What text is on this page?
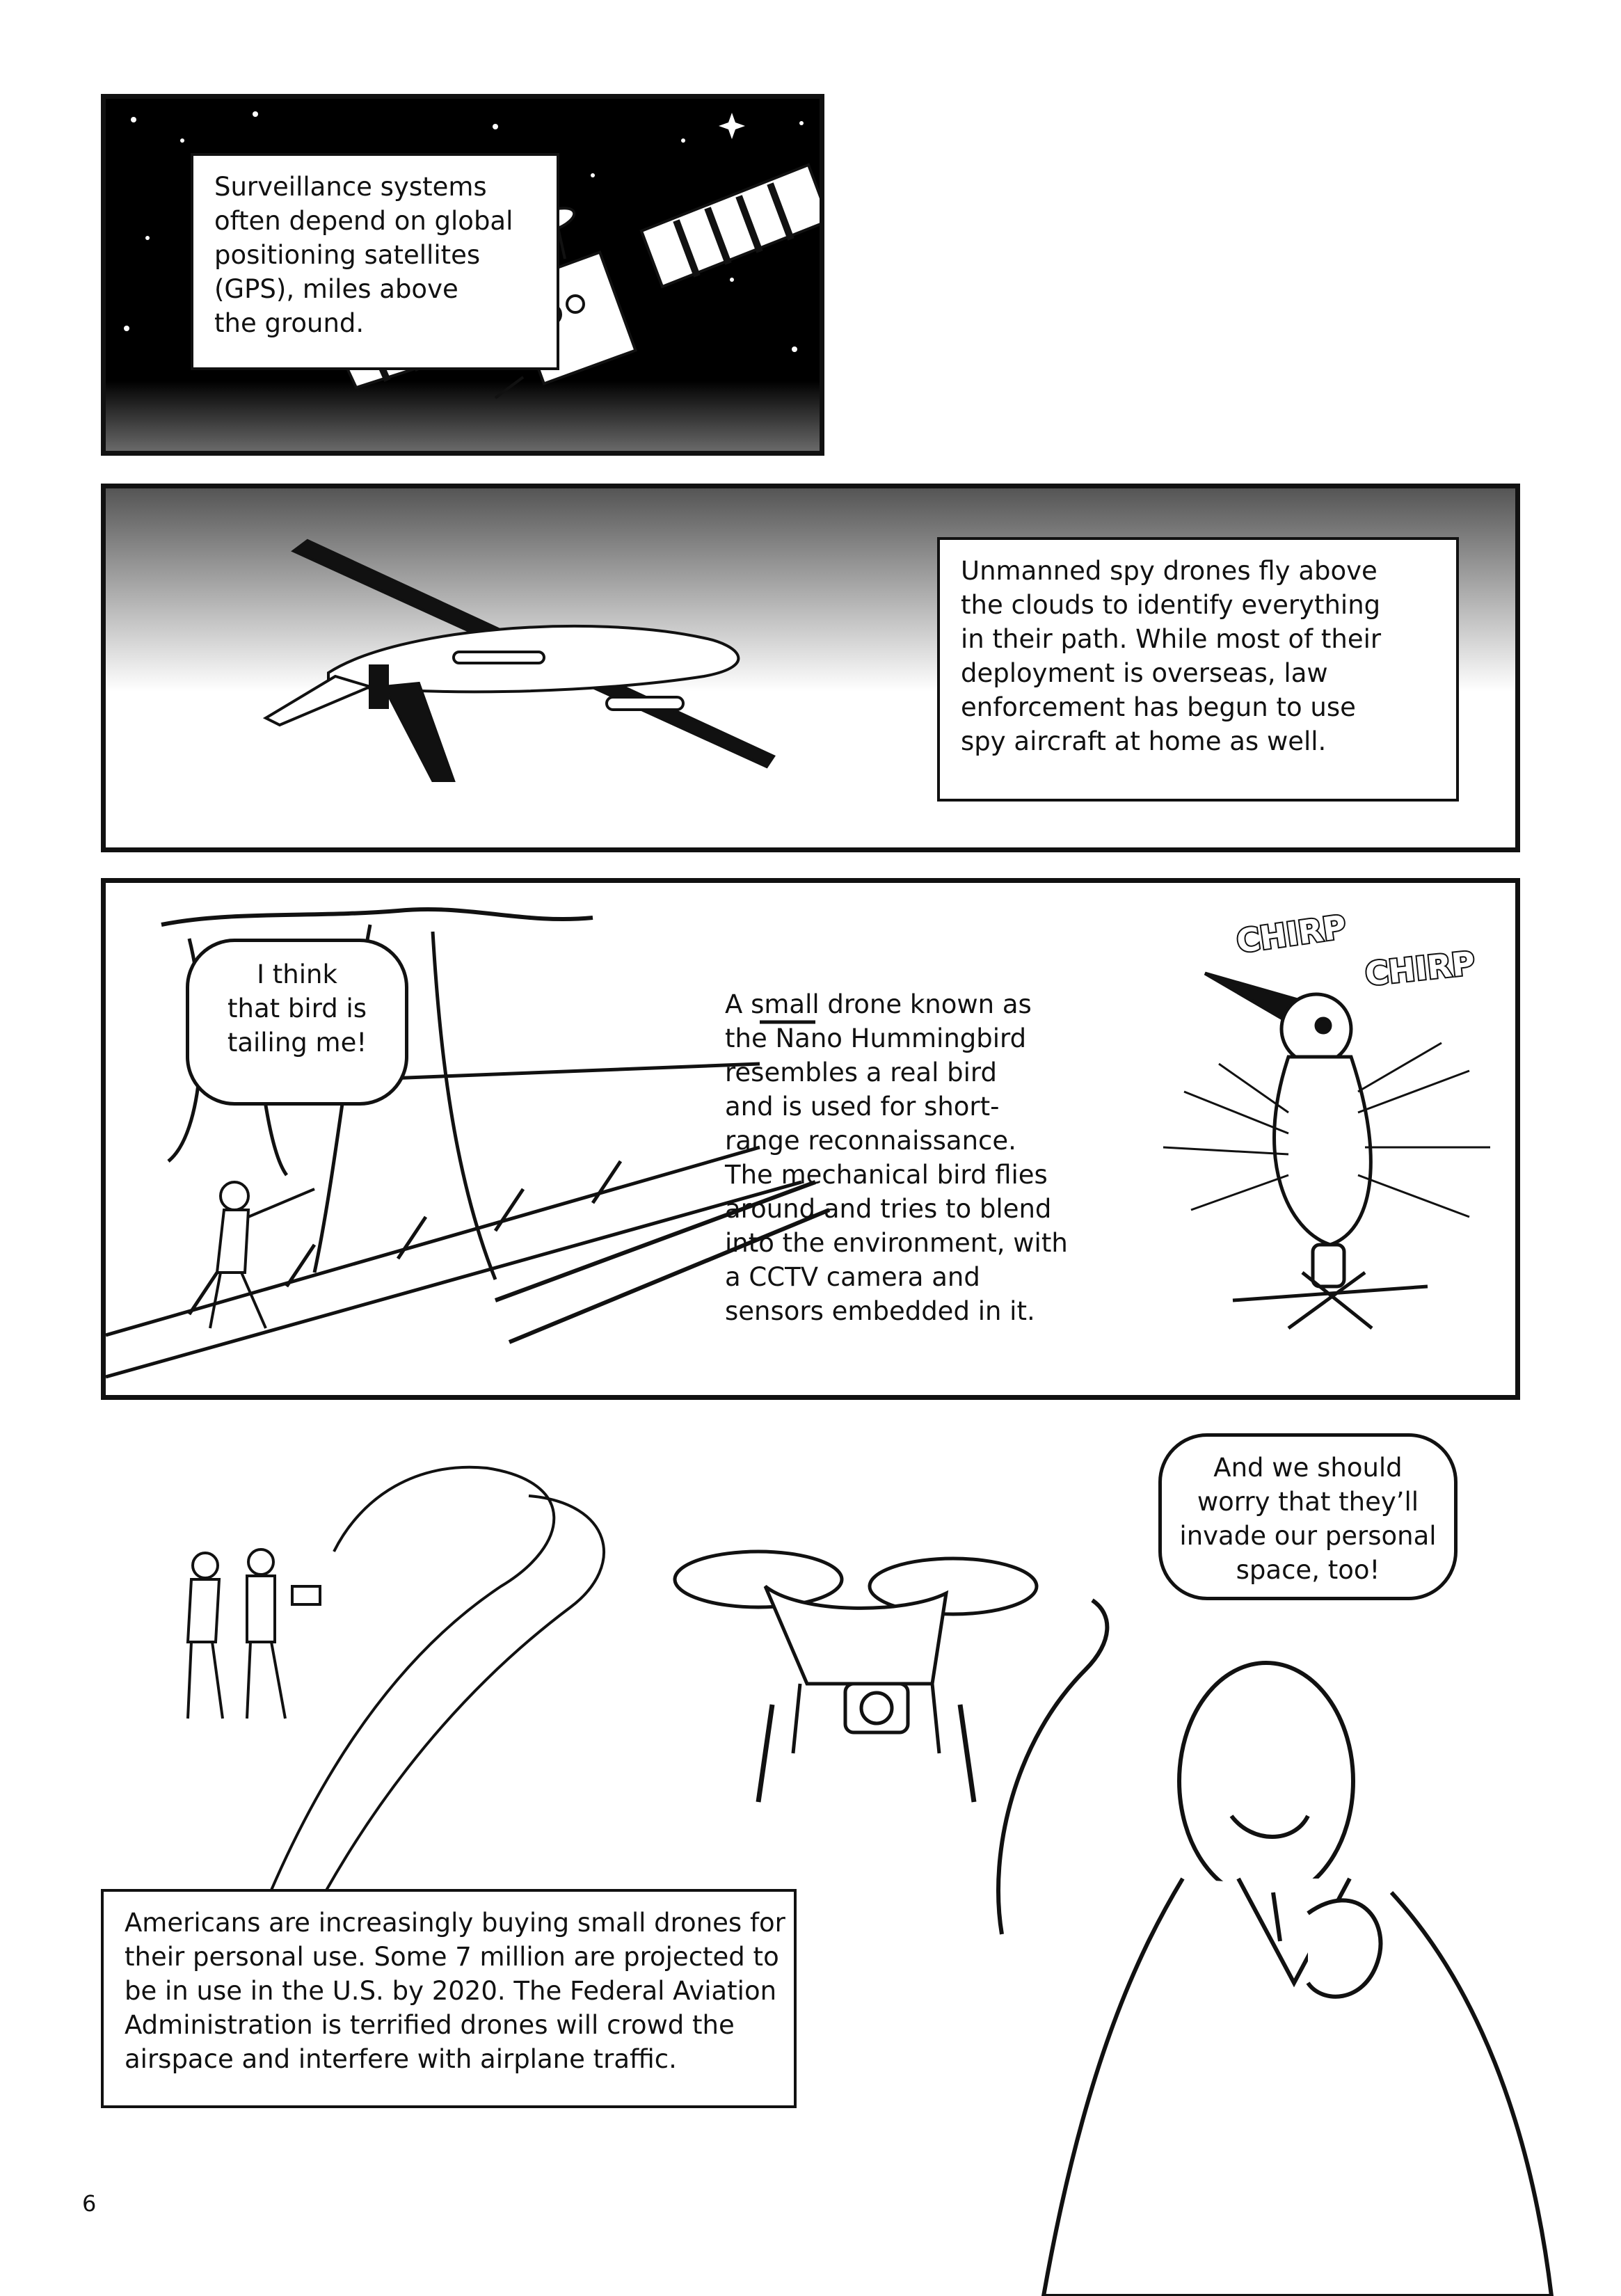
Surveillance systems
often depend on global
positioning satellites
(GPS), miles above
the ground.
Unmanned spy drones fly above
the clouds to identify everything
in their path. While most of their
deployment is overseas, law
enforcement has begun to use
spy aircraft at home as well.
CHIRP
CHIRP
I think
that bird is
tailing me!
A small drone known as
the Nano Hummingbird
resembles a real bird
and is used for short-
range reconnaissance.
The mechanical bird flies
around and tries to blend
into the environment, with
a CCTV camera and
sensors embedded in it.
And we should
worry that they’ll
invade our personal
space, too!
Americans are increasingly buying small drones for
their personal use. Some 7 million are projected to
be in use in the U.S. by 2020. The Federal Aviation
Administration is terrified drones will crowd the
airspace and interfere with airplane traffic.
6
